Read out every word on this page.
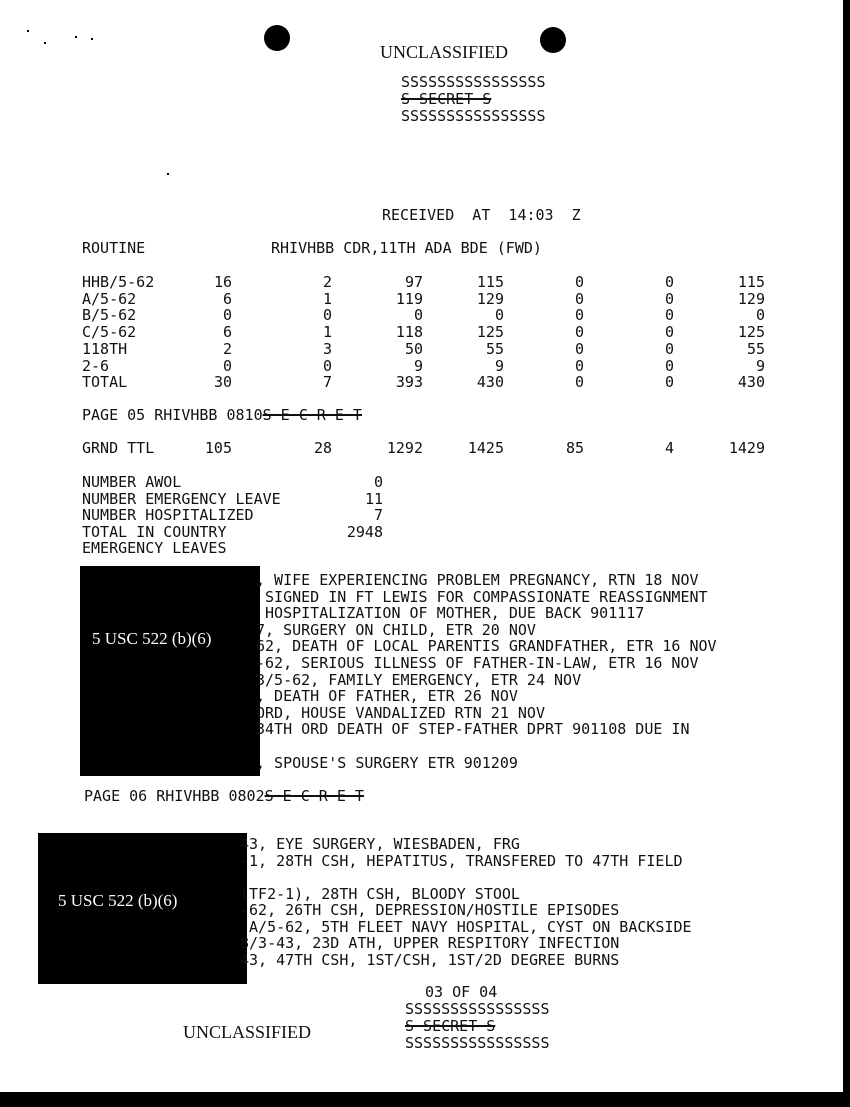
UNCLASSIFIED
SSSSSSSSSSSSSSSS
S SECRET S
SSSSSSSSSSSSSSSS
RECEIVED  AT  14:03  Z
ROUTINE	RHIVHBB CDR,11TH ADA BDE (FWD)
PAGE 05 RHIVHBB 0810S E C R E T
EMERGENCY LEAVES
5 USC 522 (b)(6)
PAGE 06 RHIVHBB 0802S E C R E T
5 USC 522 (b)(6)
03 OF 04
SSSSSSSSSSSSSSSS
S SECRET S
SSSSSSSSSSSSSSSS
UNCLASSIFIED
HHB/5-62	16	2	97	115	0	0	115
A/5-62	6	1	119	129	0	0	129
B/5-62	0	0	0	0	0	0	0
C/5-62	6	1	118	125	0	0	125
118TH	2	3	50	55	0	0	55
2-6	0	0	9	9	0	0	9
TOTAL	30	7	393	430	0	0	430
GRND TTL	105	28	1292	1425	85	4	1429
NUMBER AWOL	0
NUMBER EMERGENCY LEAVE	11
NUMBER HOSPITALIZED	7
TOTAL IN COUNTRY	2948
, WIFE EXPERIENCING PROBLEM PREGNANCY, RTN 18 NOV
SIGNED IN FT LEWIS FOR COMPASSIONATE REASSIGNMENT
HOSPITALIZATION OF MOTHER, DUE BACK 901117
7, SURGERY ON CHILD, ETR 20 NOV
62, DEATH OF LOCAL PARENTIS GRANDFATHER, ETR 16 NOV
-62, SERIOUS ILLNESS OF FATHER-IN-LAW, ETR 16 NOV
3/5-62, FAMILY EMERGENCY, ETR 24 NOV
, DEATH OF FATHER, ETR 26 NOV
ORD, HOUSE VANDALIZED RTN 21 NOV
34TH ORD DEATH OF STEP-FATHER DPRT 901108 DUE IN
, SPOUSE'S SURGERY ETR 901209
43, EYE SURGERY, WIESBADEN, FRG
-1, 28TH CSH, HEPATITUS, TRANSFERED TO 47TH FIELD
(TF2-1), 28TH CSH, BLOODY STOOL
-62, 26TH CSH, DEPRESSION/HOSTILE EPISODES
A/5-62, 5TH FLEET NAVY HOSPITAL, CYST ON BACKSIDE
8/3-43, 23D ATH, UPPER RESPITORY INFECTION
43, 47TH CSH, 1ST/CSH, 1ST/2D DEGREE BURNS
